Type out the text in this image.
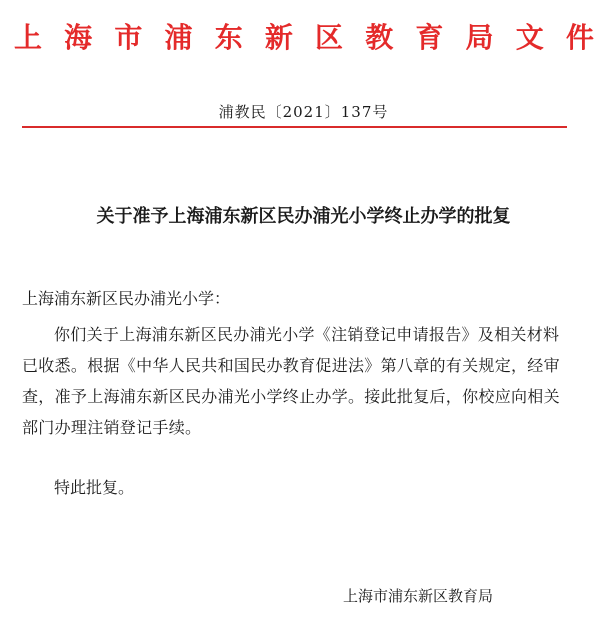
上 海 市 浦 东 新 区 教 育 局 文 件
浦教民〔2021〕137号
关于准予上海浦东新区民办浦光小学终止办学的批复
上海浦东新区民办浦光小学：
你们关于上海浦东新区民办浦光小学《注销登记申请报告》及相关材料已收悉。根据《中华人民共和国民办教育促进法》第八章的有关规定，经审查，准予上海浦东新区民办浦光小学终止办学。接此批复后，你校应向相关部门办理注销登记手续。
特此批复。
上海市浦东新区教育局
